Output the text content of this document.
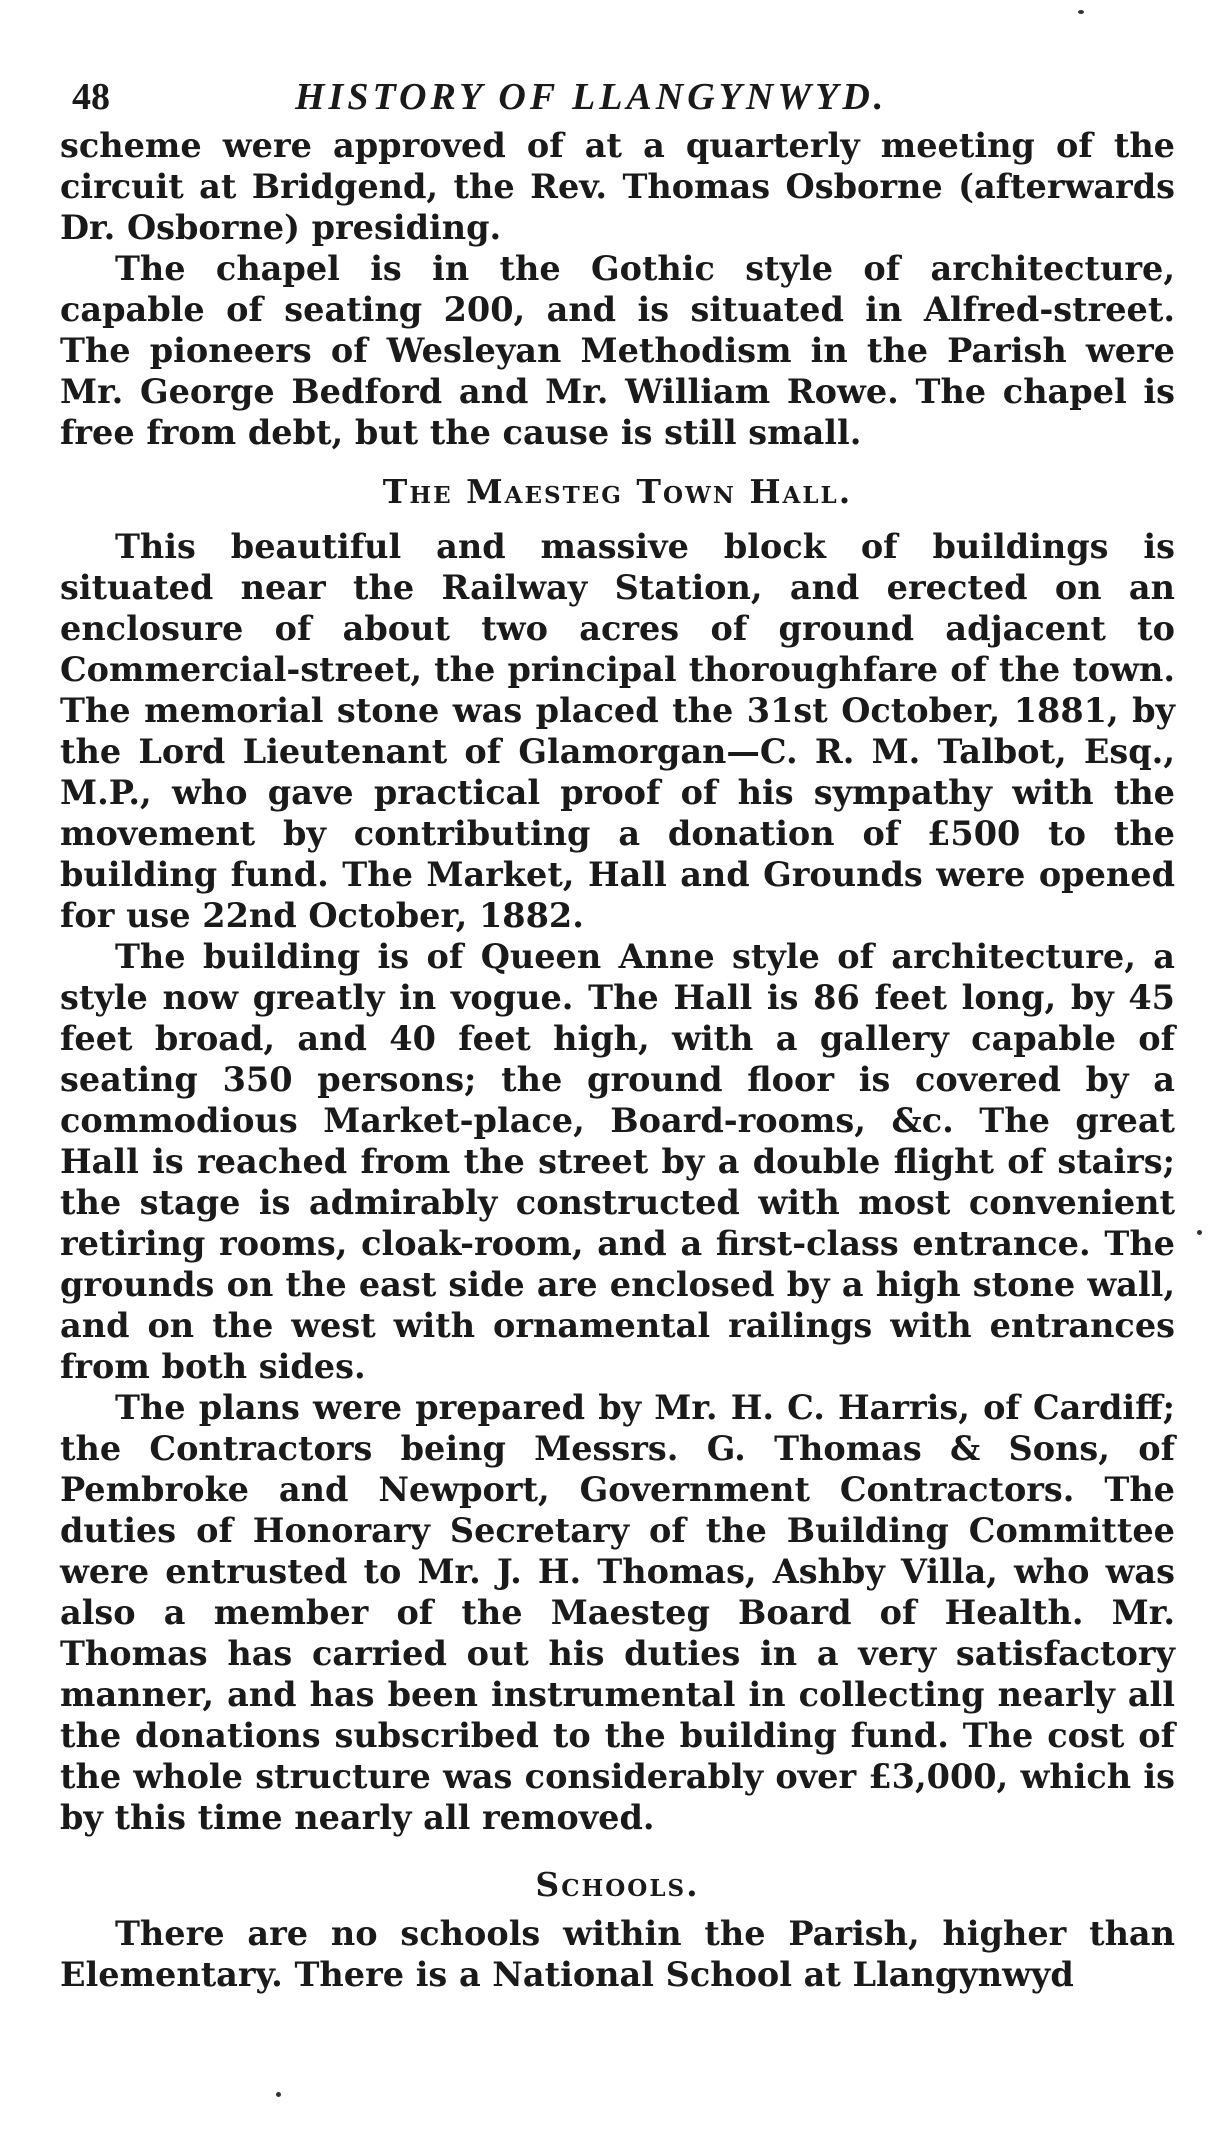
48	HISTORY OF LLANGYNWYD.

scheme were approved of at a quarterly meeting of the circuit at Bridgend, the Rev. Thomas Osborne (afterwards Dr. Osborne) presiding.

The chapel is in the Gothic style of architecture, capable of seating 200, and is situated in Alfred-street. The pioneers of Wesleyan Methodism in the Parish were Mr. George Bedford and Mr. William Rowe. The chapel is free from debt, but the cause is still small.

The Maesteg Town Hall.

This beautiful and massive block of buildings is situated near the Railway Station, and erected on an enclosure of about two acres of ground adjacent to Commercial-street, the principal thoroughfare of the town. The memorial stone was placed the 31st October, 1881, by the Lord Lieutenant of Glamorgan—C. R. M. Talbot, Esq., M.P., who gave practical proof of his sympathy with the movement by contributing a donation of £500 to the building fund. The Market, Hall and Grounds were opened for use 22nd October, 1882.

The building is of Queen Anne style of architecture, a style now greatly in vogue. The Hall is 86 feet long, by 45 feet broad, and 40 feet high, with a gallery capable of seating 350 persons; the ground floor is covered by a commodious Market-place, Board-rooms, &c. The great Hall is reached from the street by a double flight of stairs; the stage is admirably constructed with most convenient retiring rooms, cloak-room, and a first-class entrance. The grounds on the east side are enclosed by a high stone wall, and on the west with ornamental railings with entrances from both sides.

The plans were prepared by Mr. H. C. Harris, of Cardiff; the Contractors being Messrs. G. Thomas & Sons, of Pembroke and Newport, Government Contractors. The duties of Honorary Secretary of the Building Committee were entrusted to Mr. J. H. Thomas, Ashby Villa, who was also a member of the Maesteg Board of Health. Mr. Thomas has carried out his duties in a very satisfactory manner, and has been instrumental in collecting nearly all the donations subscribed to the building fund. The cost of the whole structure was considerably over £3,000, which is by this time nearly all removed.

Schools.

There are no schools within the Parish, higher than Elementary. There is a National School at Llangynwyd
